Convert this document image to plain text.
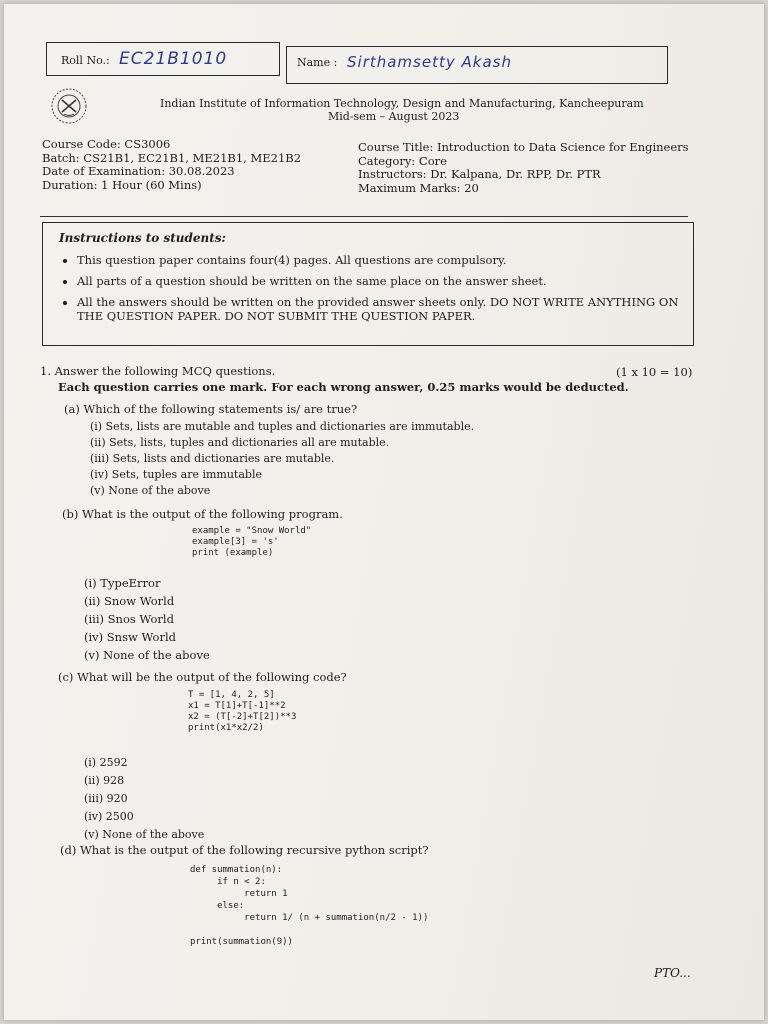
Roll No.: EC21B1010	Name : Sirthamsetty Akash
Indian Institute of Information Technology, Design and Manufacturing, Kancheepuram
Mid-sem – August 2023
Course Code: CS3006
Batch: CS21B1, EC21B1, ME21B1, ME21B2
Date of Examination: 30.08.2023
Duration: 1 Hour (60 Mins)
Course Title: Introduction to Data Science for Engineers
Category: Core
Instructors: Dr. Kalpana, Dr. RPP, Dr. PTR
Maximum Marks: 20
Instructions to students:
• This question paper contains four(4) pages. All questions are compulsory.
• All parts of a question should be written on the same place on the answer sheet.
• All the answers should be written on the provided answer sheets only. DO NOT WRITE ANYTHING ON THE QUESTION PAPER. DO NOT SUBMIT THE QUESTION PAPER.
1. Answer the following MCQ questions.	(1 x 10 = 10)
Each question carries one mark. For each wrong answer, 0.25 marks would be deducted.
(a) Which of the following statements is/ are true?
(i) Sets, lists are mutable and tuples and dictionaries are immutable.
(ii) Sets, lists, tuples and dictionaries all are mutable.
(iii) Sets, lists and dictionaries are mutable.
(iv) Sets, tuples are immutable
(v) None of the above
(b) What is the output of the following program.
example = "Snow World"
example[3] = 's'
print (example)
(i) TypeError
(ii) Snow World
(iii) Snos World
(iv) Snsw World
(v) None of the above
(c) What will be the output of the following code?
T = [1, 4, 2, 5]
x1 = T[1]+T[-1]**2
x2 = (T[-2]+T[2])**3
print(x1*x2/2)
(i) 2592
(ii) 928
(iii) 920
(iv) 2500
(v) None of the above
(d) What is the output of the following recursive python script?
def summation(n):
if n < 2:
return 1
else:
return 1/ (n + summation(n/2 - 1))

print(summation(9))
PTO...
